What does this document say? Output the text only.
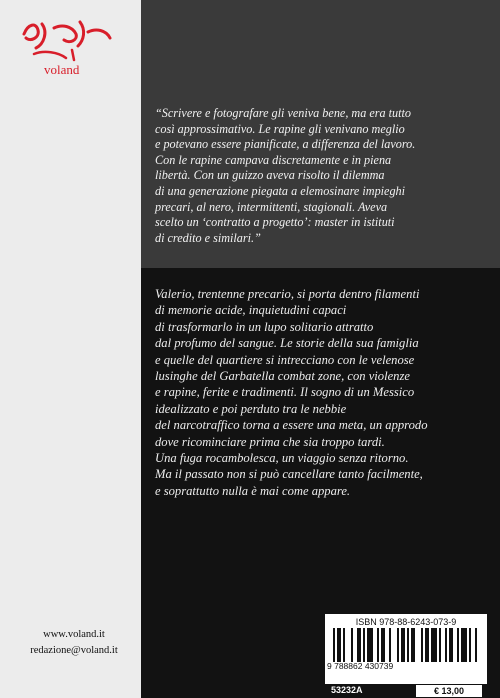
voland
www.voland.it
redazione@voland.it
“Scrivere e fotografare gli veniva bene, ma era tutto
così approssimativo. Le rapine gli venivano meglio
e potevano essere pianificate, a differenza del lavoro.
Con le rapine campava discretamente e in piena
libertà. Con un guizzo aveva risolto il dilemma
di una generazione piegata a elemosinare impieghi
precari, al nero, intermittenti, stagionali. Aveva
scelto un ‘contratto a progetto’: master in istituti
di credito e similari.”
Valerio, trentenne precario, si porta dentro filamenti
di memorie acide, inquietudini capaci
di trasformarlo in un lupo solitario attratto
dal profumo del sangue. Le storie della sua famiglia
e quelle del quartiere si intrecciano con le velenose
lusinghe del Garbatella combat zone, con violenze
e rapine, ferite e tradimenti. Il sogno di un Messico
idealizzato e poi perduto tra le nebbie
del narcotraffico torna a essere una meta, un approdo
dove ricominciare prima che sia troppo tardi.
Una fuga rocambolesca, un viaggio senza ritorno.
Ma il passato non si può cancellare tanto facilmente,
e soprattutto nulla è mai come appare.
ISBN 978-88-6243-073-9
9 788862 430739
53232A	€ 13,00
